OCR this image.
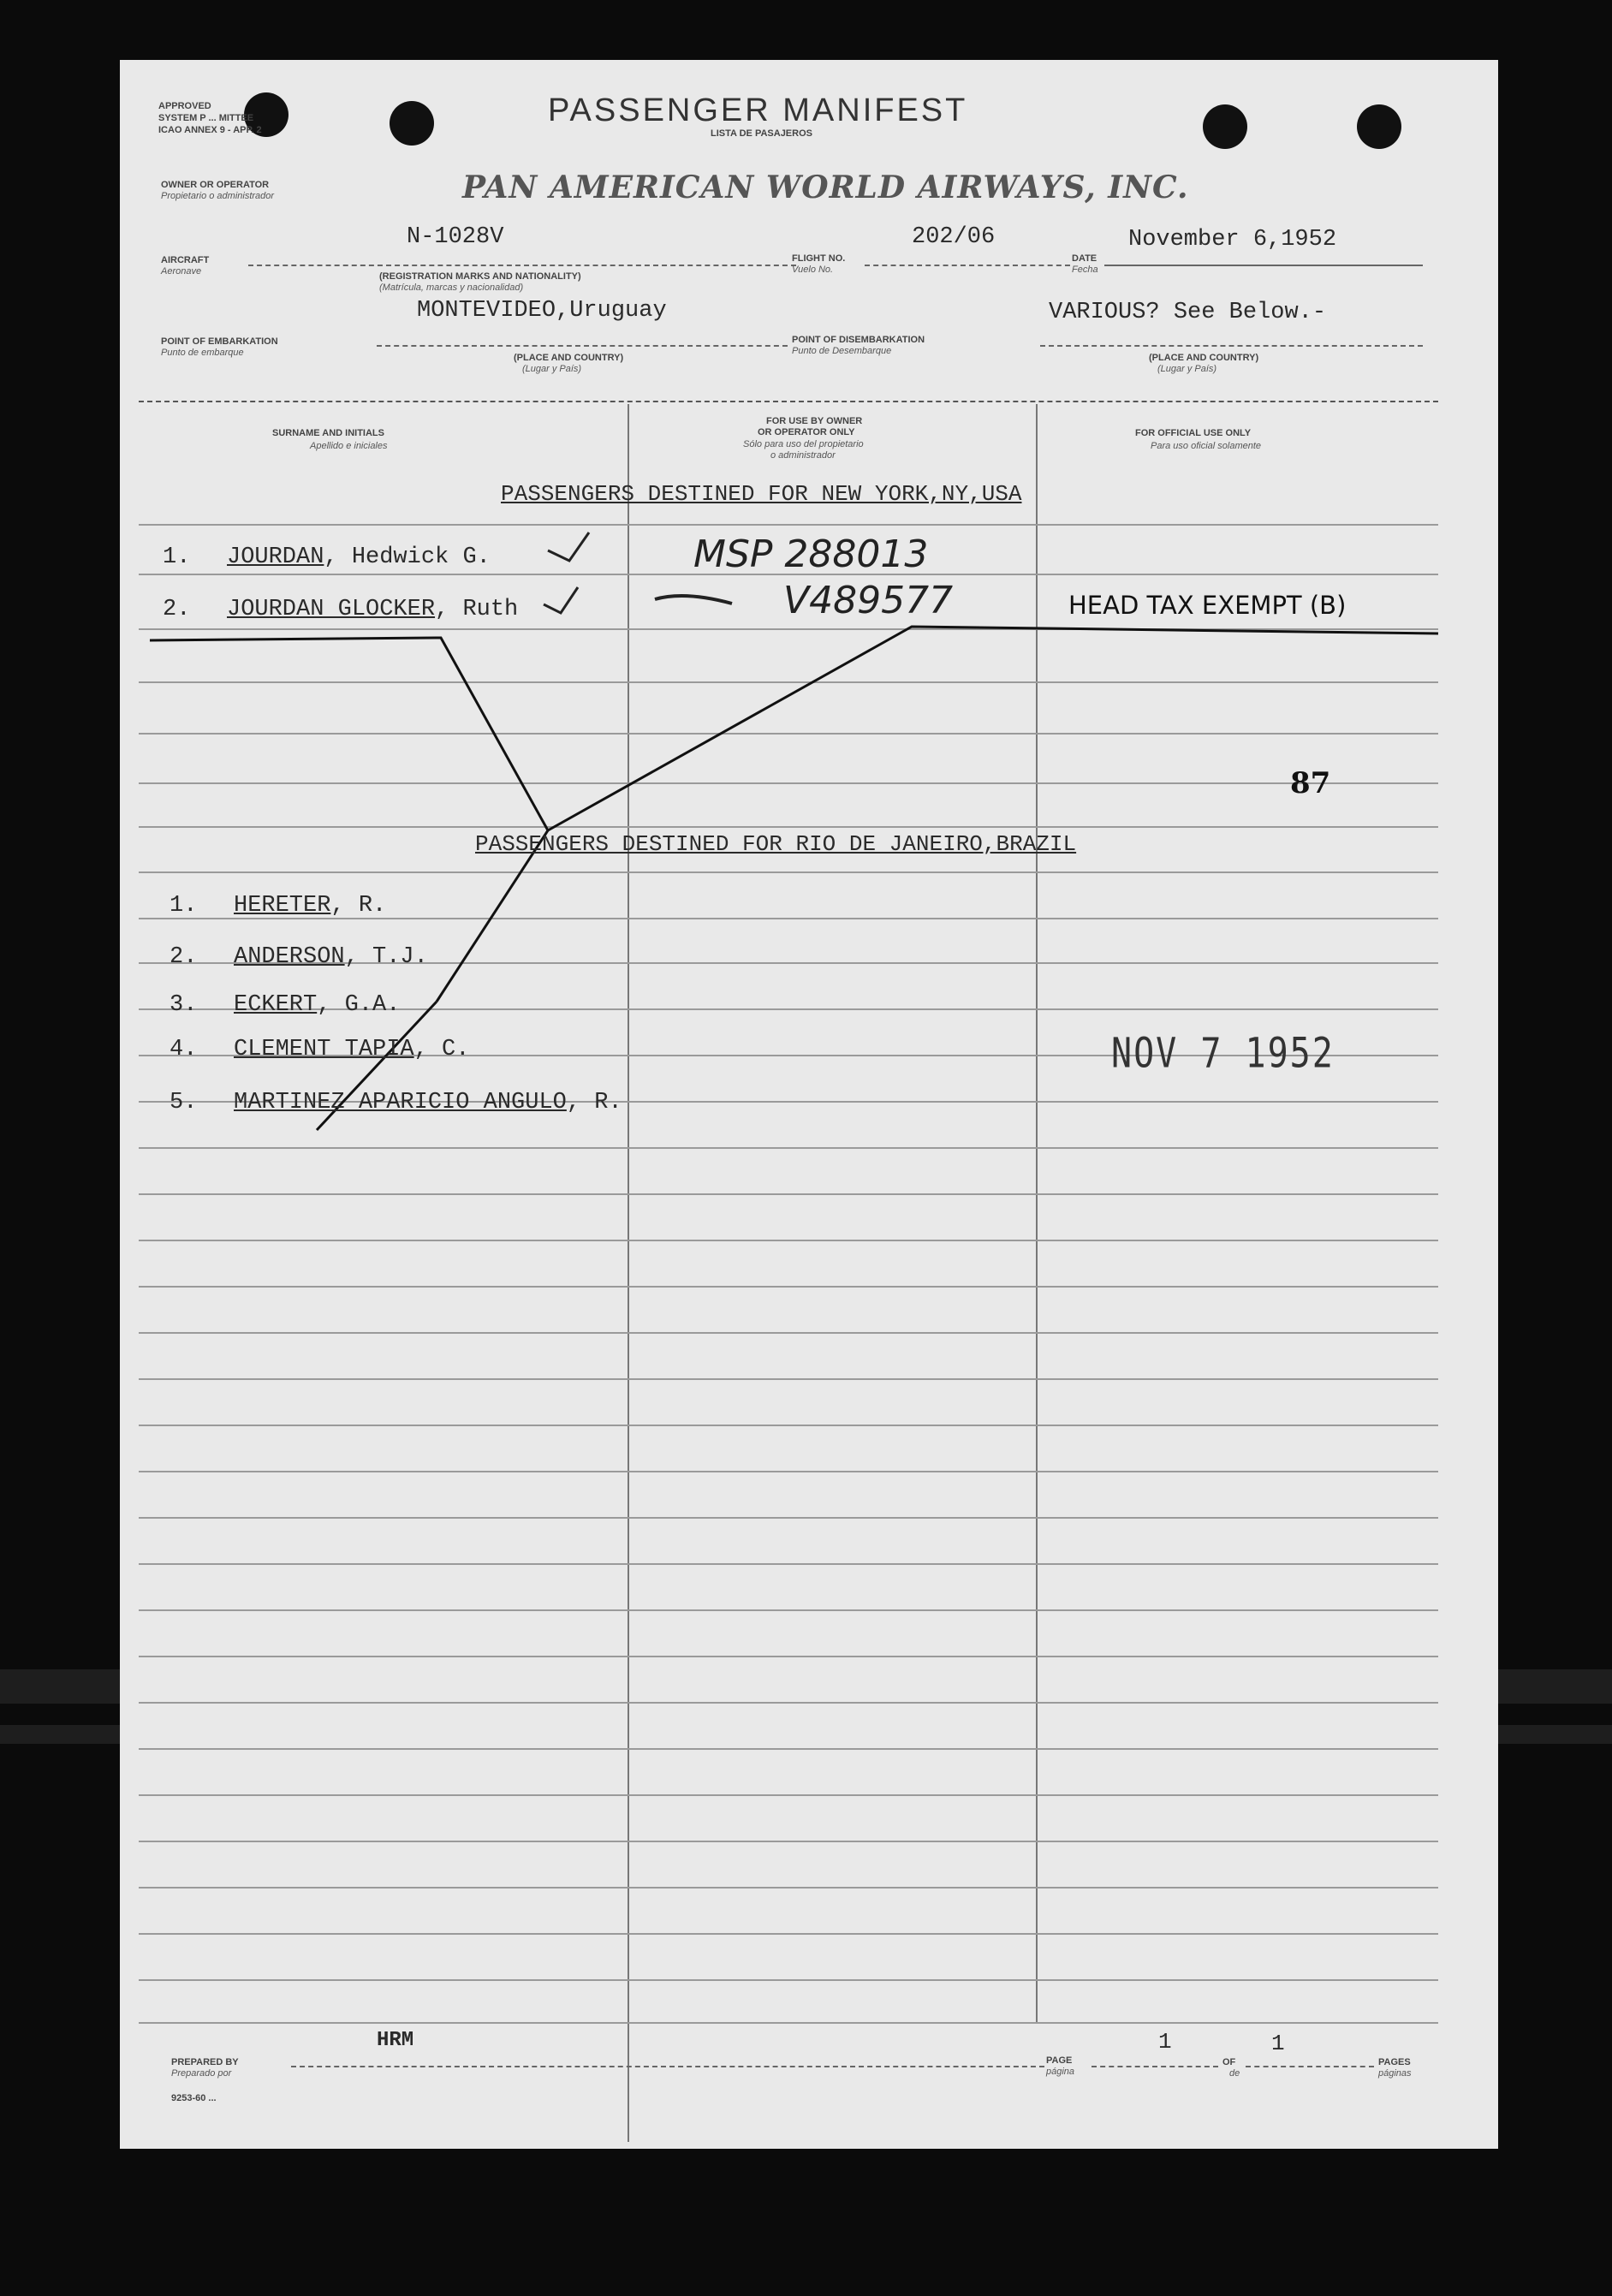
APPROVED
SYSTEM P ... MITTEE
ICAO ANNEX 9 - APP. 2
PASSENGER MANIFEST
LISTA DE PASAJEROS
OWNER OR OPERATOR
Propietario o administrador	PAN AMERICAN WORLD AIRWAYS, INC.
N-1028V	202/06	November 6,1952
AIRCRAFT
Aeronave	(REGISTRATION MARKS AND NATIONALITY)
(Matrícula, marcas y nacionalidad)
FLIGHT NO.
Vuelo No.
DATE
Fecha
MONTEVIDEO,Uruguay	VARIOUS? See Below.-
POINT OF EMBARKATION
Punto de embarque	(PLACE AND COUNTRY)
(Lugar y País)
POINT OF DISEMBARKATION
Punto de Desembarque
(PLACE AND COUNTRY)
(Lugar y País)
SURNAME AND INITIALS
Apellido e iniciales
FOR USE BY OWNER
OR OPERATOR ONLY
Sólo para uso del propietario
o administrador
FOR OFFICIAL USE ONLY
Para uso oficial solamente
PASSENGERS DESTINED FOR NEW YORK,NY,USA
1. JOURDAN, Hedwick G.	MSP 288013
2. JOURDAN GLOCKER, Ruth	V489577	HEAD TAX EXEMPT (B)
87
PASSENGERS DESTINED FOR RIO DE JANEIRO,BRAZIL
1. HERETER, R.
2. ANDERSON, T.J.
3. ECKERT, G.A.
4. CLEMENT TAPIA, C.
5. MARTINEZ APARICIO ANGULO, R.
NOV 7 1952
HRM	1	1
PREPARED BY
Preparado por
PAGE
página
OF
de
PAGES
páginas
9253-60 ...
